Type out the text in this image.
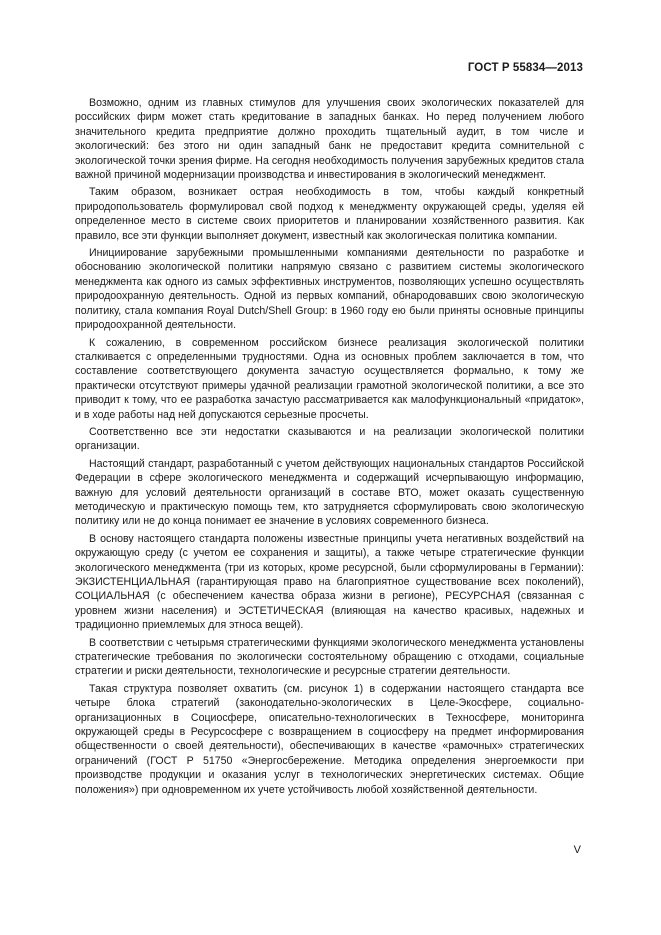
ГОСТ Р 55834—2013

Возможно, одним из главных стимулов для улучшения своих экологических показателей для российских фирм может стать кредитование в западных банках. Но перед получением любого значительного кредита предприятие должно проходить тщательный аудит, в том числе и экологический: без этого ни один западный банк не предоставит кредита сомнительной с экологической точки зрения фирме. На сегодня необходимость получения зарубежных кредитов стала важной причиной модернизации производства и инвестирования в экологический менеджмент.

Таким образом, возникает острая необходимость в том, чтобы каждый конкретный природопользователь формулировал свой подход к менеджменту окружающей среды, уделяя ей определенное место в системе своих приоритетов и планировании хозяйственного развития. Как правило, все эти функции выполняет документ, известный как экологическая политика компании.

Инициирование зарубежными промышленными компаниями деятельности по разработке и обоснованию экологической политики напрямую связано с развитием системы экологического менеджмента как одного из самых эффективных инструментов, позволяющих успешно осуществлять природоохранную деятельность. Одной из первых компаний, обнародовавших свою экологическую политику, стала компания Royal Dutch/Shell Group: в 1960 году ею были приняты основные принципы природоохранной деятельности.

К сожалению, в современном российском бизнесе реализация экологической политики сталкивается с определенными трудностями. Одна из основных проблем заключается в том, что составление соответствующего документа зачастую осуществляется формально, к тому же практически отсутствуют примеры удачной реализации грамотной экологической политики, а все это приводит к тому, что ее разработка зачастую рассматривается как малофункциональный «придаток», и в ходе работы над ней допускаются серьезные просчеты.

Соответственно все эти недостатки сказываются и на реализации экологической политики организации.

Настоящий стандарт, разработанный с учетом действующих национальных стандартов Российской Федерации в сфере экологического менеджмента и содержащий исчерпывающую информацию, важную для условий деятельности организаций в составе ВТО, может оказать существенную методическую и практическую помощь тем, кто затрудняется сформулировать свою экологическую политику или не до конца понимает ее значение в условиях современного бизнеса.

В основу настоящего стандарта положены известные принципы учета негативных воздействий на окружающую среду (с учетом ее сохранения и защиты), а также четыре стратегические функции экологического менеджмента (три из которых, кроме ресурсной, были сформулированы в Германии): ЭКЗИСТЕНЦИАЛЬНАЯ (гарантирующая право на благоприятное существование всех поколений), СОЦИАЛЬНАЯ (с обеспечением качества образа жизни в регионе), РЕСУРСНАЯ (связанная с уровнем жизни населения) и ЭСТЕТИЧЕСКАЯ (влияющая на качество красивых, надежных и традиционно приемлемых для этноса вещей).

В соответствии с четырьмя стратегическими функциями экологического менеджмента установлены стратегические требования по экологически состоятельному обращению с отходами, социальные стратегии и риски деятельности, технологические и ресурсные стратегии деятельности.

Такая структура позволяет охватить (см. рисунок 1) в содержании настоящего стандарта все четыре блока стратегий (законодательно-экологических в Целе-Экосфере, социально-организационных в Социосфере, описательно-технологических в Техносфере, мониторинга окружающей среды в Ресурсосфере с возвращением в социосферу на предмет информирования общественности о своей деятельности), обеспечивающих в качестве «рамочных» стратегических ограничений (ГОСТ Р 51750 «Энергосбережение. Методика определения энергоемкости при производстве продукции и оказания услуг в технологических энергетических системах. Общие положения») при одновременном их учете устойчивость любой хозяйственной деятельности.

V
